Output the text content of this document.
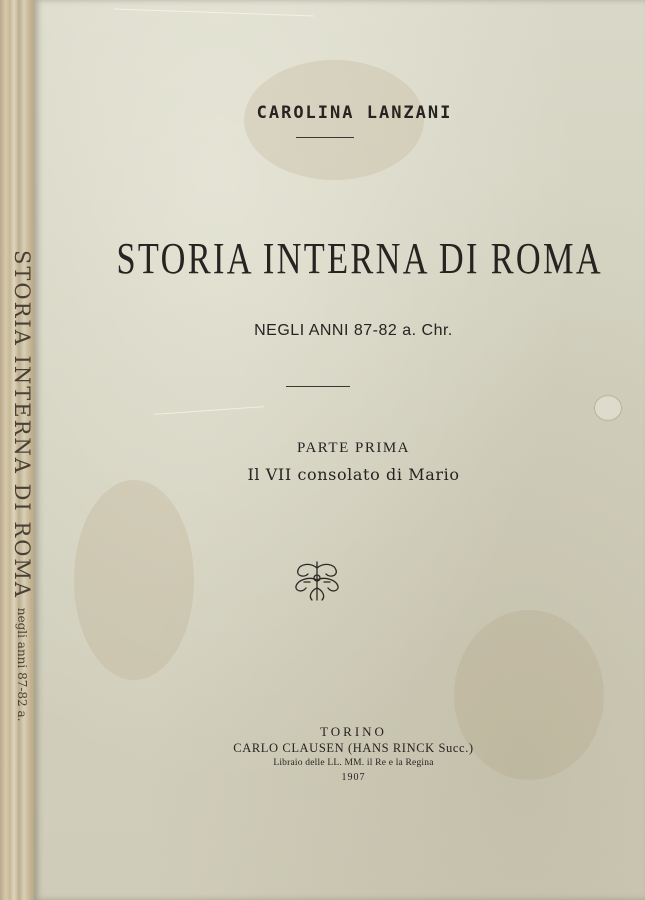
STORIA INTERNA DI ROMA negli anni 87-82 a.
CAROLINA LANZANI
STORIA INTERNA DI ROMA
NEGLI ANNI 87-82 a. Chr.
PARTE PRIMA
Il VII consolato di Mario
TORINO
CARLO CLAUSEN (HANS RINCK Succ.)
Libraio delle LL. MM. il Re e la Regina
1907
